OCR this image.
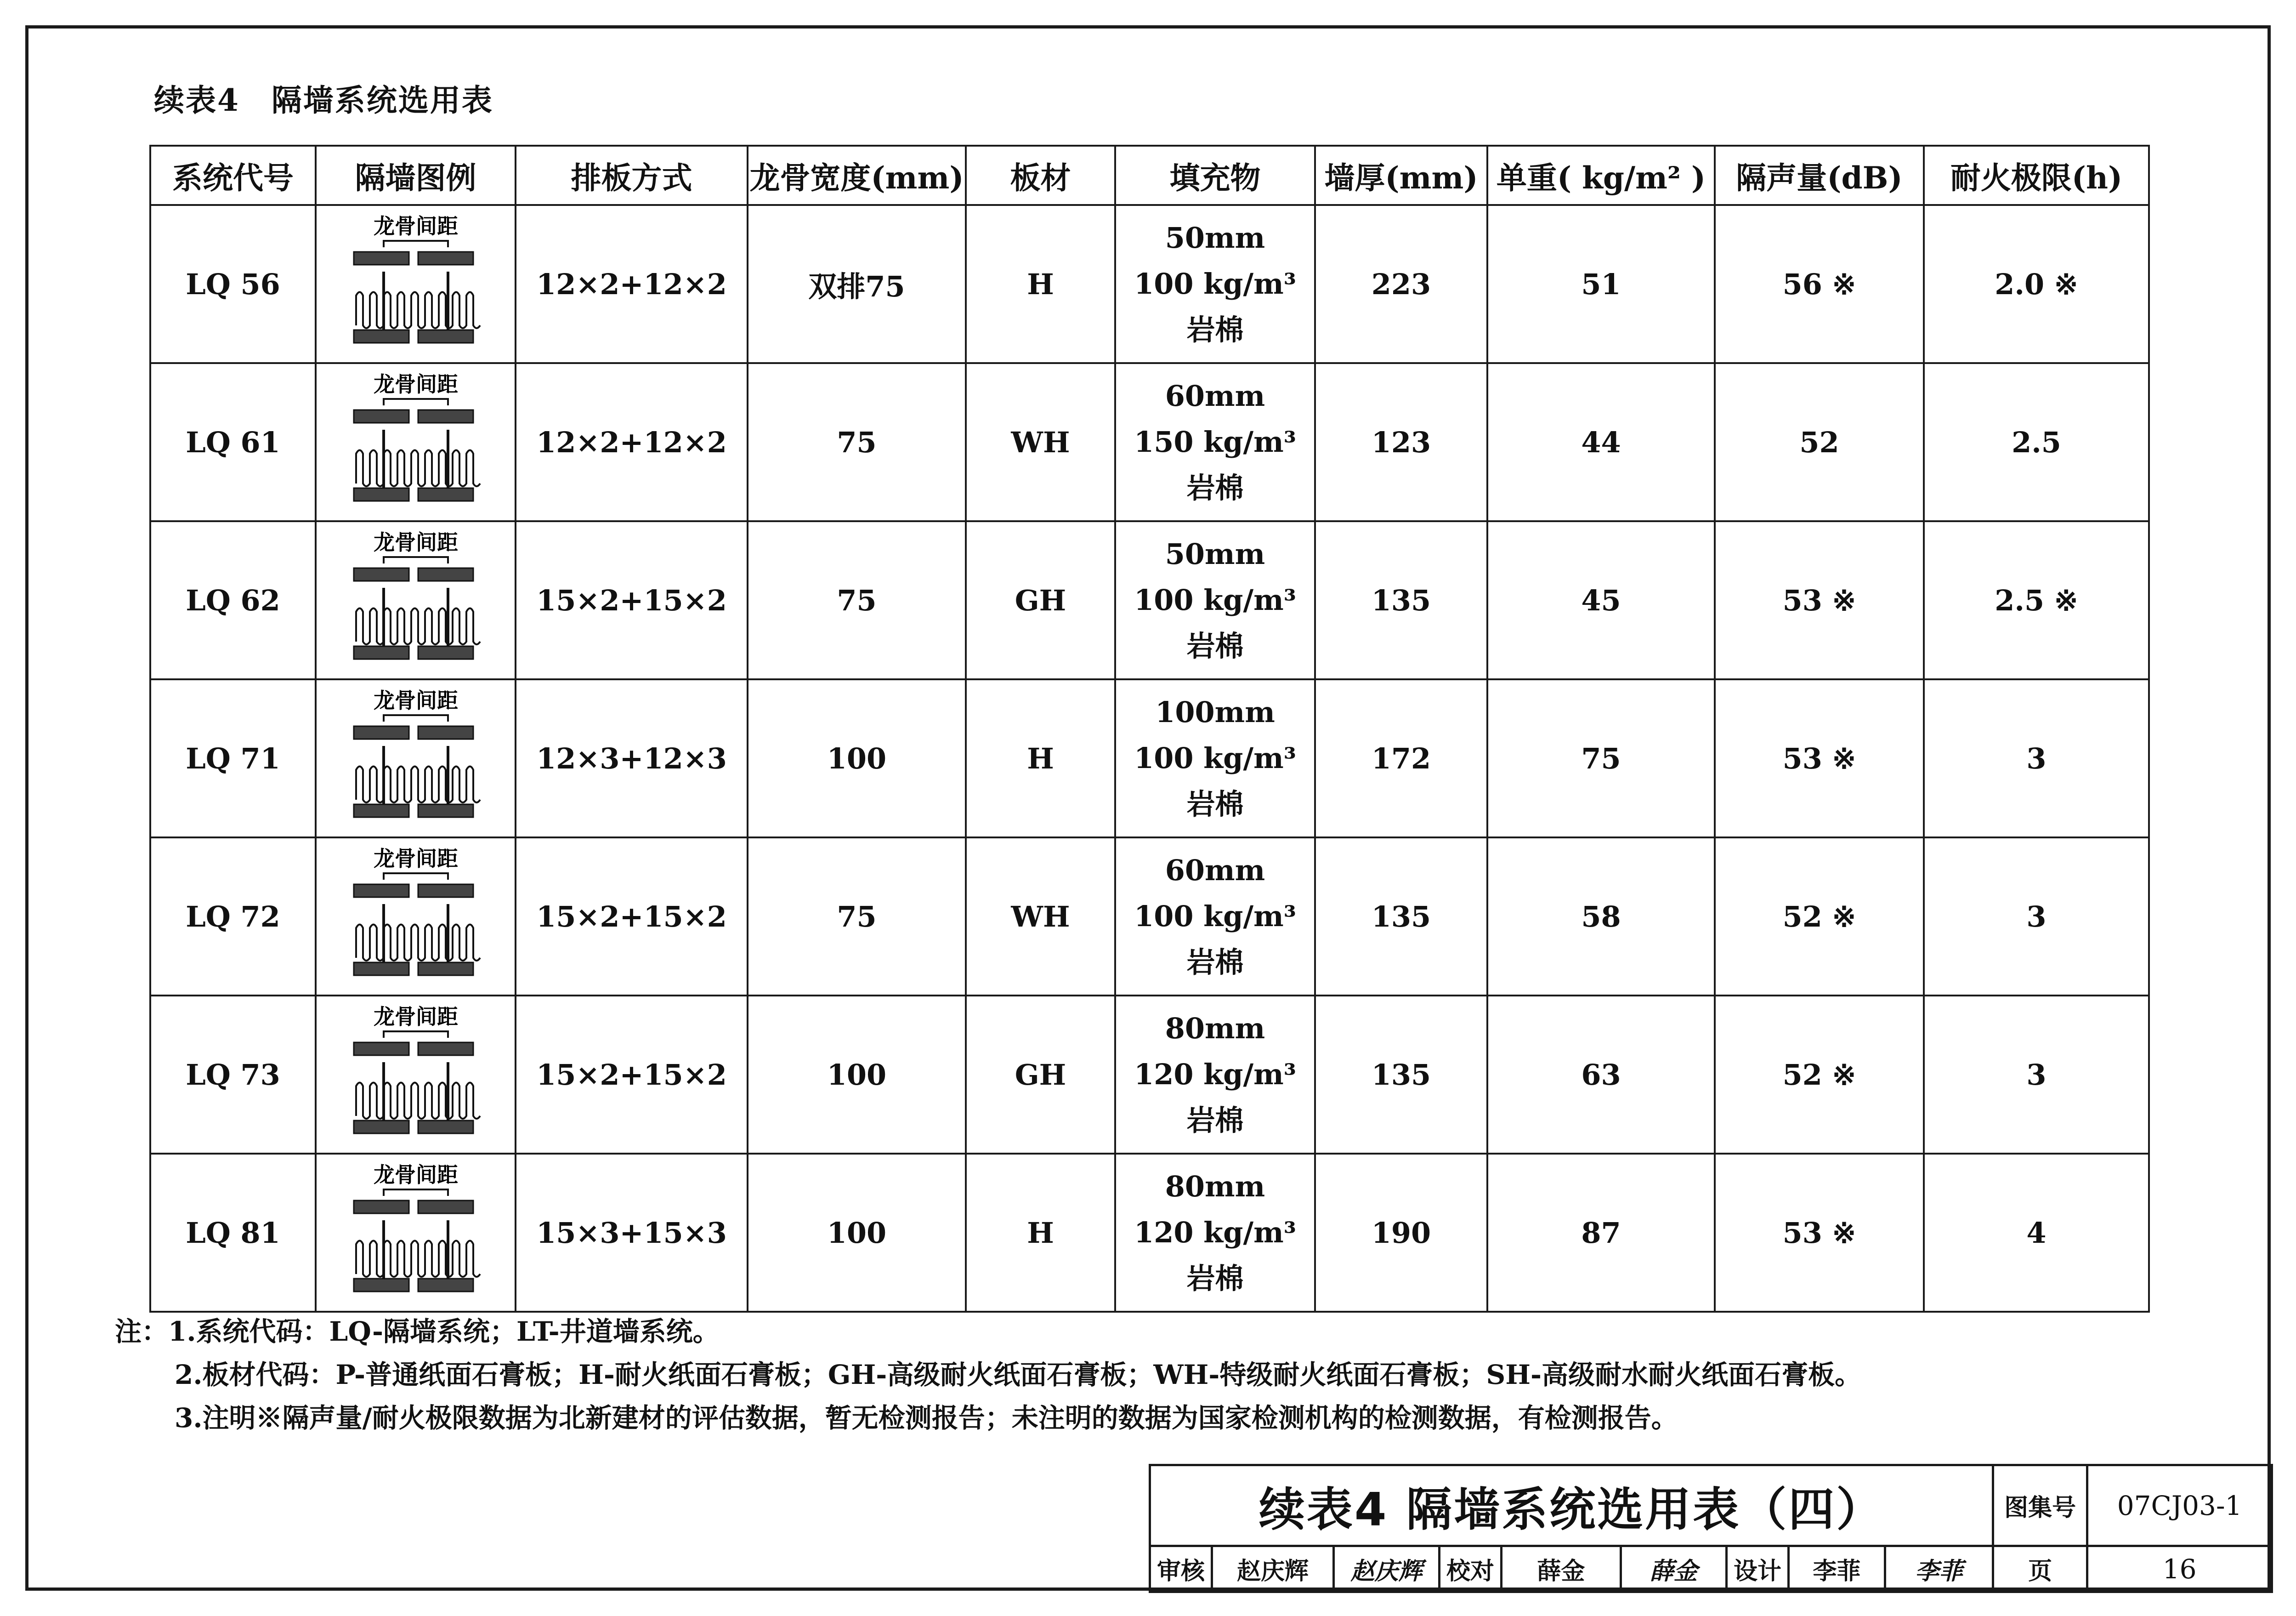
续表4　隔墙系统选用表
系统代号	隔墙图例	排板方式	龙骨宽度(mm)	板材	填充物	墙厚(mm)	单重( kg/m² )	隔声量(dB)	耐火极限(h)
LQ 56	龙骨间距	12×2+12×2	双排75	H	50mm
100 kg/m³
岩棉	223	51	56 ※	2.0 ※
LQ 61	龙骨间距	12×2+12×2	75	WH	60mm
150 kg/m³
岩棉	123	44	52	2.5
LQ 62	龙骨间距	15×2+15×2	75	GH	50mm
100 kg/m³
岩棉	135	45	53 ※	2.5 ※
LQ 71	龙骨间距	12×3+12×3	100	H	100mm
100 kg/m³
岩棉	172	75	53 ※	3
LQ 72	龙骨间距	15×2+15×2	75	WH	60mm
100 kg/m³
岩棉	135	58	52 ※	3
LQ 73	龙骨间距	15×2+15×2	100	GH	80mm
120 kg/m³
岩棉	135	63	52 ※	3
LQ 81	龙骨间距	15×3+15×3	100	H	80mm
120 kg/m³
岩棉	190	87	53 ※	4
注：1.系统代码：LQ-隔墙系统；LT-井道墙系统。
2.板材代码：P-普通纸面石膏板；H-耐火纸面石膏板；GH-高级耐火纸面石膏板；WH-特级耐火纸面石膏板；SH-高级耐水耐火纸面石膏板。
3.注明※隔声量/耐火极限数据为北新建材的评估数据，暂无检测报告；未注明的数据为国家检测机构的检测数据，有检测报告。
续表4 隔墙系统选用表（四）									图集号	07CJ03-1
审核	赵庆辉	赵庆辉	校对	薛金	薛金	设计	李菲	李菲	页	16
